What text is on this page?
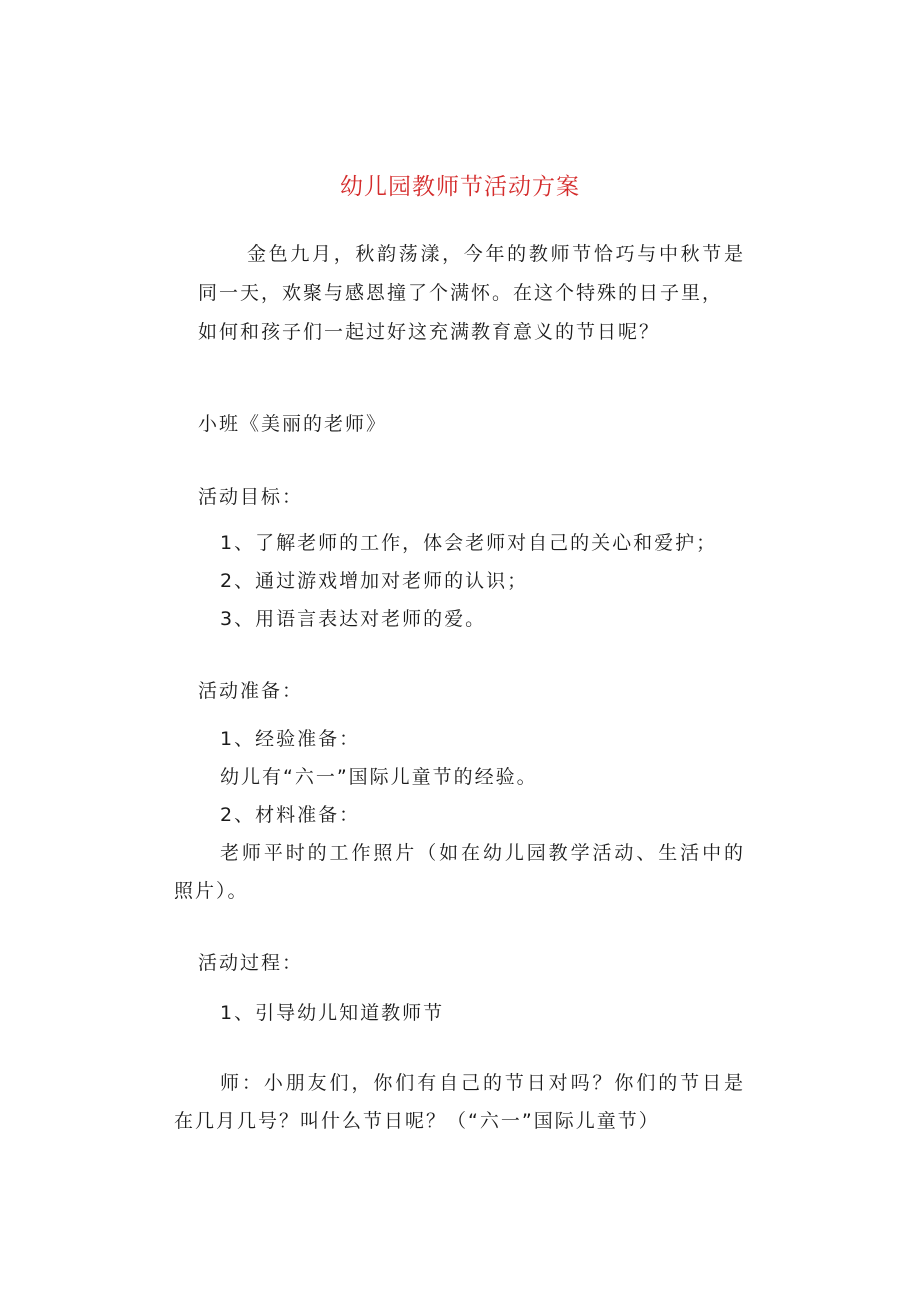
幼儿园教师节活动方案

金色九月，秋韵荡漾，今年的教师节恰巧与中秋节是

同一天，欢聚与感恩撞了个满怀。在这个特殊的日子里，

如何和孩子们一起过好这充满教育意义的节日呢？

小班《美丽的老师》

活动目标：

1、了解老师的工作，体会老师对自己的关心和爱护；

2、通过游戏增加对老师的认识；

3、用语言表达对老师的爱。

活动准备：

1、经验准备：

幼儿有“六一”国际儿童节的经验。

2、材料准备：

老师平时的工作照片（如在幼儿园教学活动、生活中的

照片）。

活动过程：

1、引导幼儿知道教师节

师：小朋友们，你们有自己的节日对吗？你们的节日是

在几月几号？叫什么节日呢？（“六一”国际儿童节）
